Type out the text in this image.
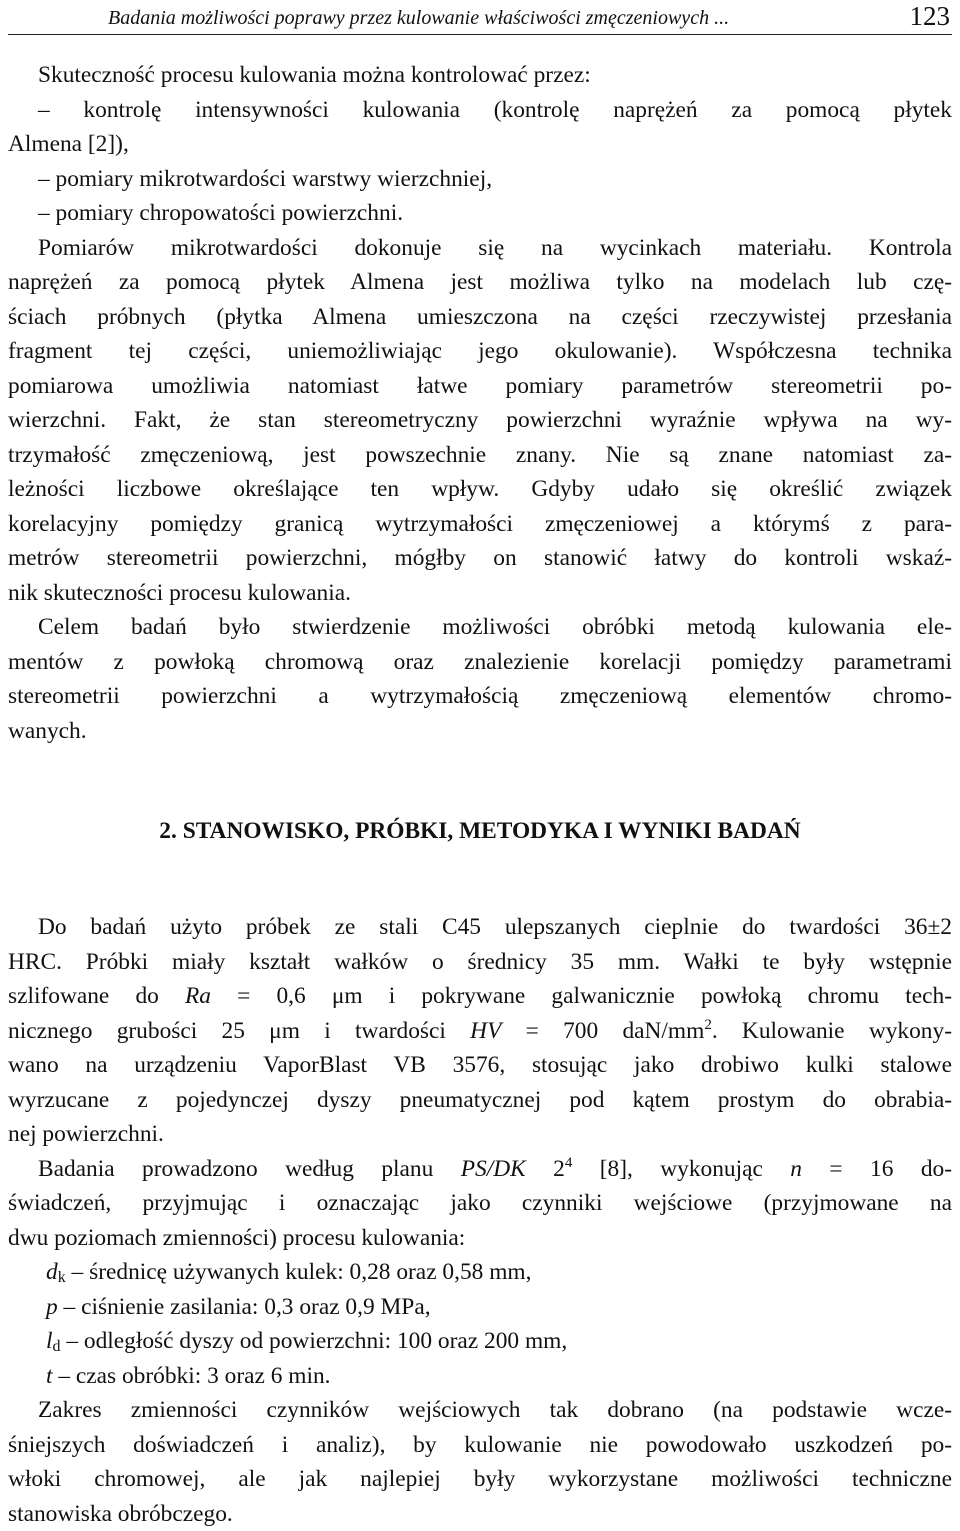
Badania możliwości poprawy przez kulowanie właściwości zmęczeniowych ...	123
Skuteczność procesu kulowania można kontrolować przez:
– kontrolę intensywności kulowania (kontrolę naprężeń za pomocą płytek
Almena [2]),
– pomiary mikrotwardości warstwy wierzchniej,
– pomiary chropowatości powierzchni.
Pomiarów mikrotwardości dokonuje się na wycinkach materiału. Kontrola
naprężeń za pomocą płytek Almena jest możliwa tylko na modelach lub czę-
ściach próbnych (płytka Almena umieszczona na części rzeczywistej przesłania
fragment tej części, uniemożliwiając jego okulowanie). Współczesna technika
pomiarowa umożliwia natomiast łatwe pomiary parametrów stereometrii po-
wierzchni. Fakt, że stan stereometryczny powierzchni wyraźnie wpływa na wy-
trzymałość zmęczeniową, jest powszechnie znany. Nie są znane natomiast za-
leżności liczbowe określające ten wpływ. Gdyby udało się określić związek
korelacyjny pomiędzy granicą wytrzymałości zmęczeniowej a którymś z para-
metrów stereometrii powierzchni, mógłby on stanowić łatwy do kontroli wskaź-
nik skuteczności procesu kulowania.
Celem badań było stwierdzenie możliwości obróbki metodą kulowania ele-
mentów z powłoką chromową oraz znalezienie korelacji pomiędzy parametrami
stereometrii powierzchni a wytrzymałością zmęczeniową elementów chromo-
wanych.
2. STANOWISKO, PRÓBKI, METODYKA I WYNIKI BADAŃ
Do badań użyto próbek ze stali C45 ulepszanych cieplnie do twardości 36±2
HRC. Próbki miały kształt wałków o średnicy 35 mm. Wałki te były wstępnie
szlifowane do Ra = 0,6 μm i pokrywane galwanicznie powłoką chromu tech-
nicznego grubości 25 μm i twardości HV = 700 daN/$mm^2$. Kulowanie wykony-
wano na urządzeniu VaporBlast VB 3576, stosując jako drobiwo kulki stalowe
wyrzucane z pojedynczej dyszy pneumatycznej pod kątem prostym do obrabia-
nej powierzchni.
Badania prowadzono według planu PS/DK $2^4$ [8], wykonując n = 16 do-
świadczeń, przyjmując i oznaczając jako czynniki wejściowe (przyjmowane na
dwu poziomach zmienności) procesu kulowania:
$d_k$ – średnicę używanych kulek: 0,28 oraz 0,58 mm,
p – ciśnienie zasilania: 0,3 oraz 0,9 MPa,
$l_d$ – odległość dyszy od powierzchni: 100 oraz 200 mm,
t – czas obróbki: 3 oraz 6 min.
Zakres zmienności czynników wejściowych tak dobrano (na podstawie wcze-
śniejszych doświadczeń i analiz), by kulowanie nie powodowało uszkodzeń po-
włoki chromowej, ale jak najlepiej były wykorzystane możliwości techniczne
stanowiska obróbczego.
